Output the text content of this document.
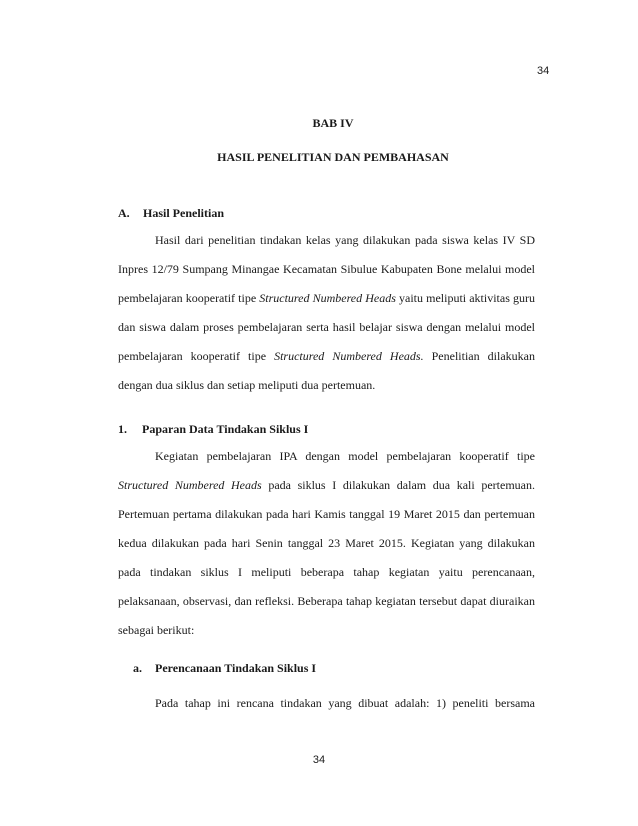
34
BAB IV
HASIL PENELITIAN DAN PEMBAHASAN
A. Hasil Penelitian

Hasil dari penelitian tindakan kelas yang dilakukan pada siswa kelas IV SD Inpres 12/79 Sumpang Minangae Kecamatan Sibulue Kabupaten Bone melalui model pembelajaran kooperatif tipe Structured Numbered Heads yaitu meliputi aktivitas guru dan siswa dalam proses pembelajaran serta hasil belajar siswa dengan melalui model pembelajaran kooperatif tipe Structured Numbered Heads. Penelitian dilakukan dengan dua siklus dan setiap meliputi dua pertemuan.

1. Paparan Data Tindakan Siklus I

Kegiatan pembelajaran IPA dengan model pembelajaran kooperatif tipe Structured Numbered Heads pada siklus I dilakukan dalam dua kali pertemuan. Pertemuan pertama dilakukan pada hari Kamis tanggal 19 Maret 2015 dan pertemuan kedua dilakukan pada hari Senin tanggal 23 Maret 2015. Kegiatan yang dilakukan pada tindakan siklus I meliputi beberapa tahap kegiatan yaitu perencanaan, pelaksanaan, observasi, dan refleksi. Beberapa tahap kegiatan tersebut dapat diuraikan sebagai berikut:

a. Perencanaan Tindakan Siklus I
Pada tahap ini rencana tindakan yang dibuat adalah: 1) peneliti bersama
34
